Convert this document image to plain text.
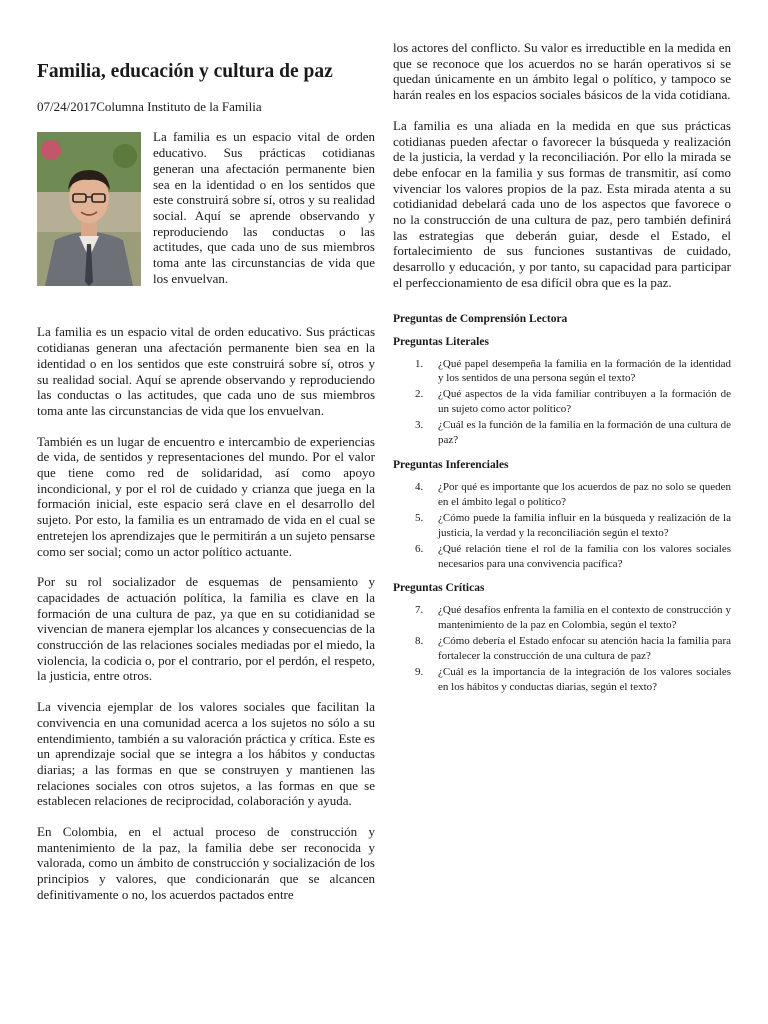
Familia, educación y cultura de paz
07/24/2017Columna Instituto de la Familia

La familia es un espacio vital de orden educativo. Sus prácticas cotidianas generan una afectación permanente bien sea en la identidad o en los sentidos que este construirá sobre sí, otros y su realidad social. Aquí se aprende observando y reproduciendo las conductas o las actitudes, que cada uno de sus miembros toma ante las circunstancias de vida que los envuelvan.

La familia es un espacio vital de orden educativo. Sus prácticas cotidianas generan una afectación permanente bien sea en la identidad o en los sentidos que este construirá sobre sí, otros y su realidad social. Aquí se aprende observando y reproduciendo las conductas o las actitudes, que cada uno de sus miembros toma ante las circunstancias de vida que los envuelvan.

También es un lugar de encuentro e intercambio de experiencias de vida, de sentidos y representaciones del mundo. Por el valor que tiene como red de solidaridad, así como apoyo incondicional, y por el rol de cuidado y crianza que juega en la formación inicial, este espacio será clave en el desarrollo del sujeto. Por esto, la familia es un entramado de vida en el cual se entretejen los aprendizajes que le permitirán a un sujeto pensarse como ser social; como un actor político actuante.

Por su rol socializador de esquemas de pensamiento y capacidades de actuación política, la familia es clave en la formación de una cultura de paz, ya que en su cotidianidad se vivencian de manera ejemplar los alcances y consecuencias de la construcción de las relaciones sociales mediadas por el miedo, la violencia, la codicia o, por el contrario, por el perdón, el respeto, la justicia, entre otros.

La vivencia ejemplar de los valores sociales que facilitan la convivencia en una comunidad acerca a los sujetos no sólo a su entendimiento, también a su valoración práctica y crítica. Este es un aprendizaje social que se integra a los hábitos y conductas diarias; a las formas en que se construyen y mantienen las relaciones sociales con otros sujetos, a las formas en que se establecen relaciones de reciprocidad, colaboración y ayuda.

En Colombia, en el actual proceso de construcción y mantenimiento de la paz, la familia debe ser reconocida y valorada, como un ámbito de construcción y socialización de los principios y valores, que condicionarán que se alcancen definitivamente o no, los acuerdos pactados entre

los actores del conflicto. Su valor es irreductible en la medida en que se reconoce que los acuerdos no se harán operativos si se quedan únicamente en un ámbito legal o político, y tampoco se harán reales en los espacios sociales básicos de la vida cotidiana.

La familia es una aliada en la medida en que sus prácticas cotidianas pueden afectar o favorecer la búsqueda y realización de la justicia, la verdad y la reconciliación. Por ello la mirada se debe enfocar en la familia y sus formas de transmitir, así como vivenciar los valores propios de la paz. Esta mirada atenta a su cotidianidad debelará cada uno de los aspectos que favorece o no la construcción de una cultura de paz, pero también definirá las estrategias que deberán guiar, desde el Estado, el fortalecimiento de sus funciones sustantivas de cuidado, desarrollo y educación, y por tanto, su capacidad para participar el perfeccionamiento de esa difícil obra que es la paz.

Preguntas de Comprensión Lectora
Preguntas Literales
1. ¿Qué papel desempeña la familia en la formación de la identidad y los sentidos de una persona según el texto?
2. ¿Qué aspectos de la vida familiar contribuyen a la formación de un sujeto como actor político?
3. ¿Cuál es la función de la familia en la formación de una cultura de paz?
Preguntas Inferenciales
4. ¿Por qué es importante que los acuerdos de paz no solo se queden en el ámbito legal o político?
5. ¿Cómo puede la familia influir en la búsqueda y realización de la justicia, la verdad y la reconciliación según el texto?
6. ¿Qué relación tiene el rol de la familia con los valores sociales necesarios para una convivencia pacífica?
Preguntas Críticas
7. ¿Qué desafíos enfrenta la familia en el contexto de construcción y mantenimiento de la paz en Colombia, según el texto?
8. ¿Cómo debería el Estado enfocar su atención hacia la familia para fortalecer la construcción de una cultura de paz?
9. ¿Cuál es la importancia de la integración de los valores sociales en los hábitos y conductas diarias, según el texto?
